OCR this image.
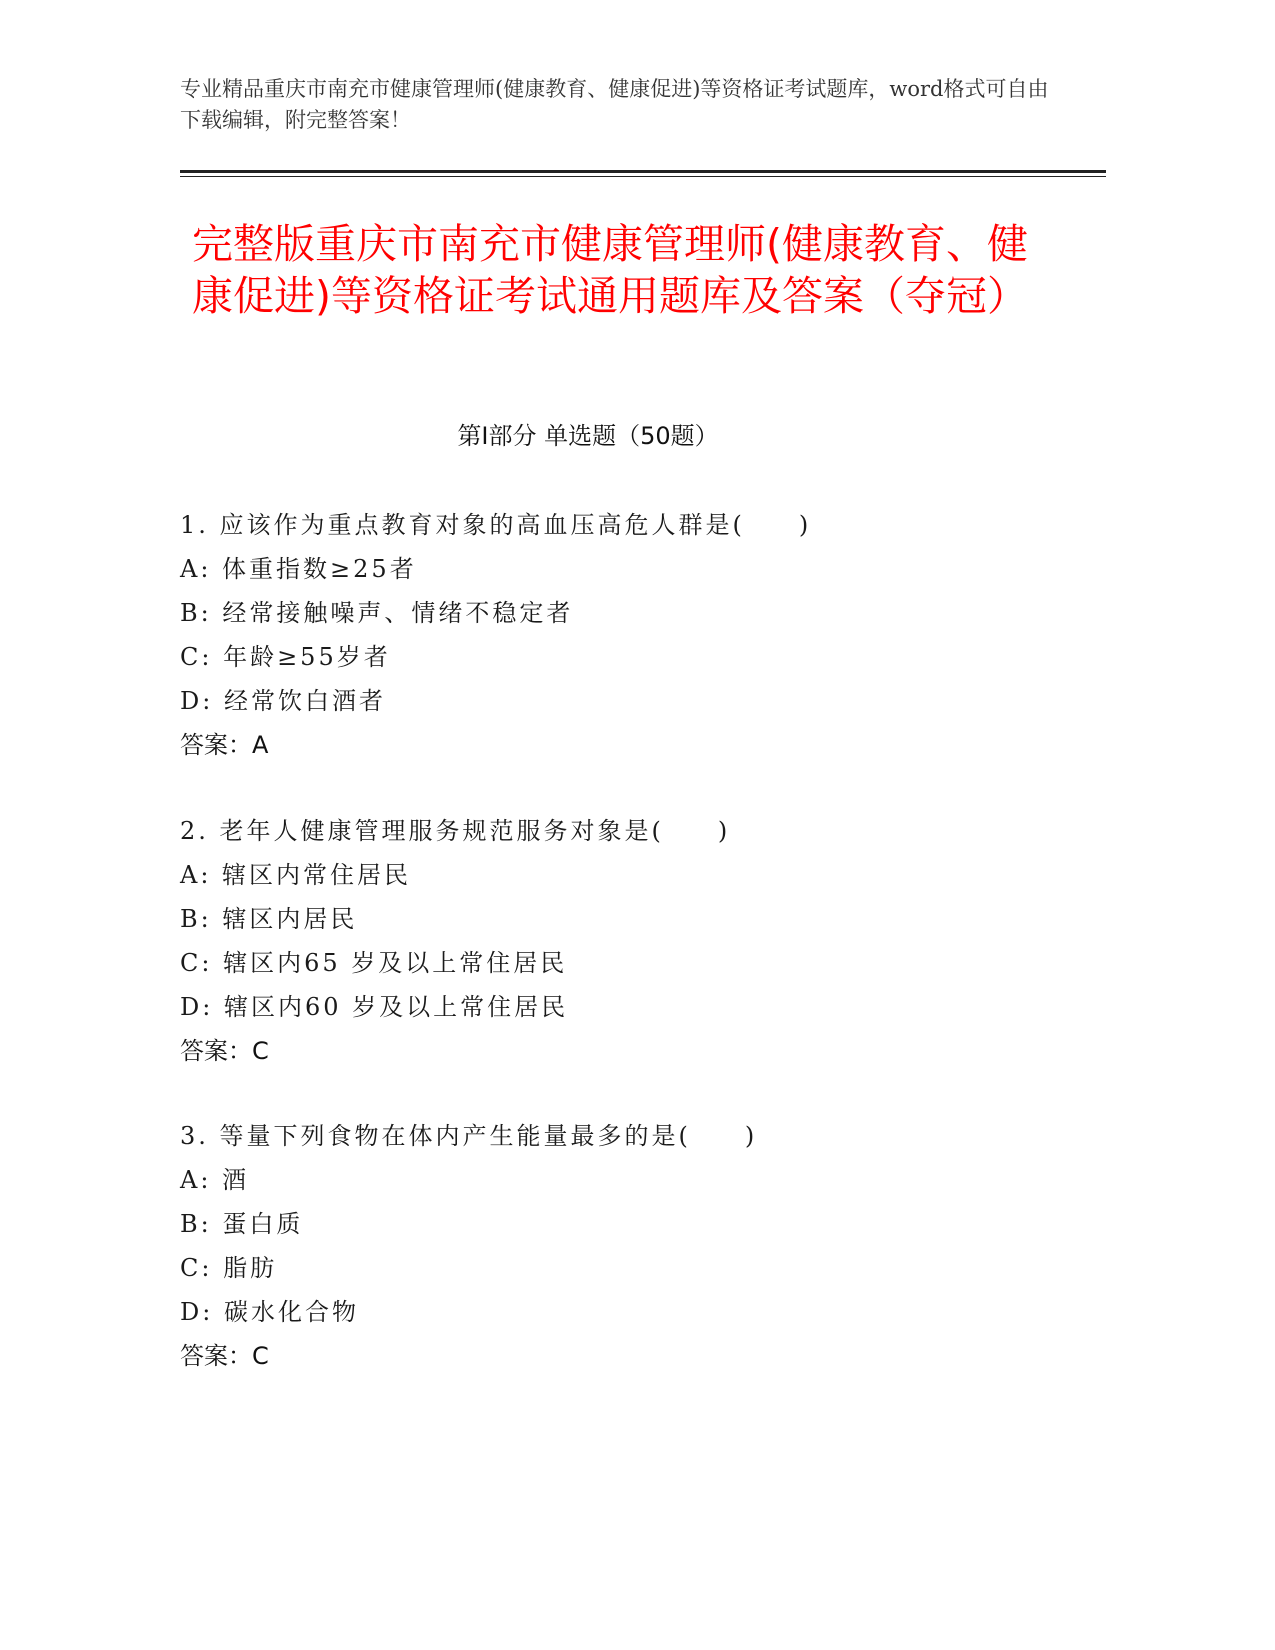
专业精品重庆市南充市健康管理师(健康教育、健康促进)等资格证考试题库，word格式可自由下载编辑，附完整答案！
完整版重庆市南充市健康管理师(健康教育、健康促进)等资格证考试通用题库及答案（夺冠）
第Ⅰ部分 单选题（50题）
1. 应该作为重点教育对象的高血压高危人群是(　　)
A: 体重指数≥25者
B: 经常接触噪声、情绪不稳定者
C: 年龄≥55岁者
D: 经常饮白酒者
答案：A
2. 老年人健康管理服务规范服务对象是(　　)
A: 辖区内常住居民
B: 辖区内居民
C: 辖区内65 岁及以上常住居民
D: 辖区内60 岁及以上常住居民
答案：C
3. 等量下列食物在体内产生能量最多的是(　　)
A: 酒
B: 蛋白质
C: 脂肪
D: 碳水化合物
答案：C
